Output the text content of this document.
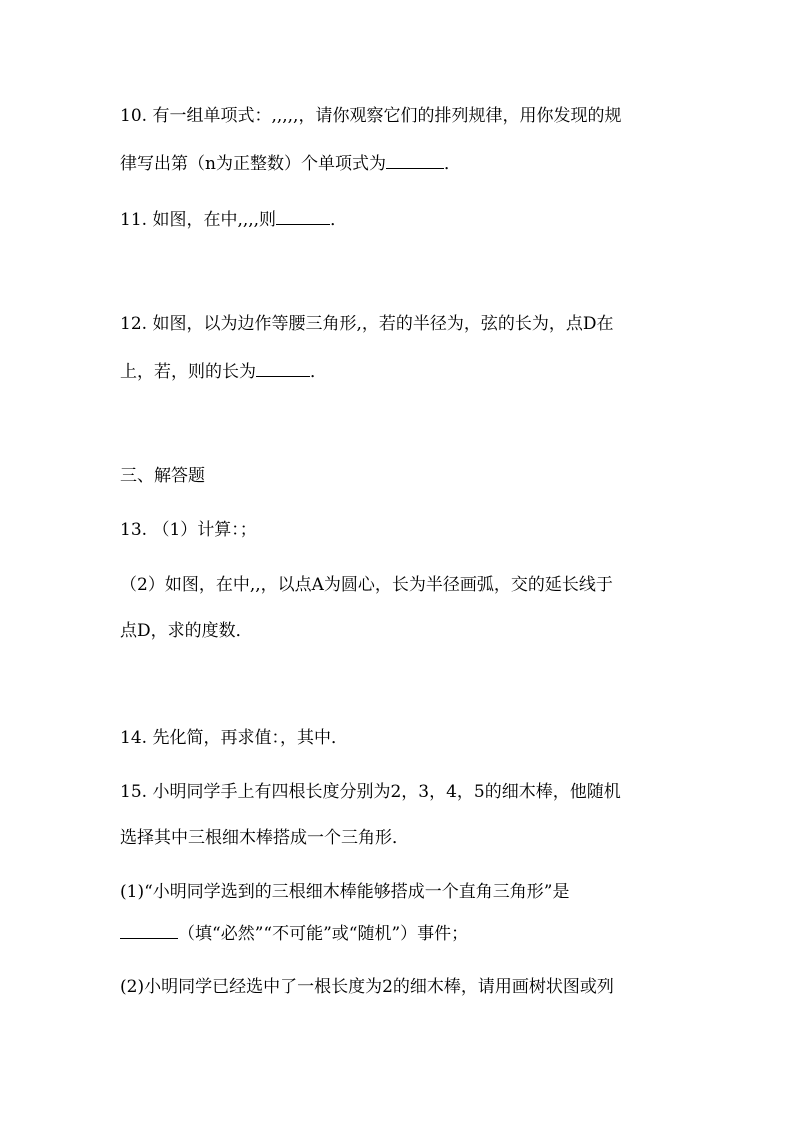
10. 有一组单项式：,,,,,，请你观察它们的排列规律，用你发现的规
律写出第（n为正整数）个单项式为	．
11. 如图，在中,,,,则	．
12. 如图，以为边作等腰三角形,，若的半径为，弦的长为，点D在
上，若，则的长为	．
三、解答题
13. （1）计算：；
（2）如图，在中,,，以点A为圆心，长为半径画弧，交的延长线于
点D，求的度数．
14. 先化简，再求值：，其中．
15. 小明同学手上有四根长度分别为2，3，4，5的细木棒，他随机
选择其中三根细木棒搭成一个三角形．
(1)“小明同学选到的三根细木棒能够搭成一个直角三角形”是
（填“必然”“不可能”或“随机”）事件；
(2)小明同学已经选中了一根长度为2的细木棒，请用画树状图或列
